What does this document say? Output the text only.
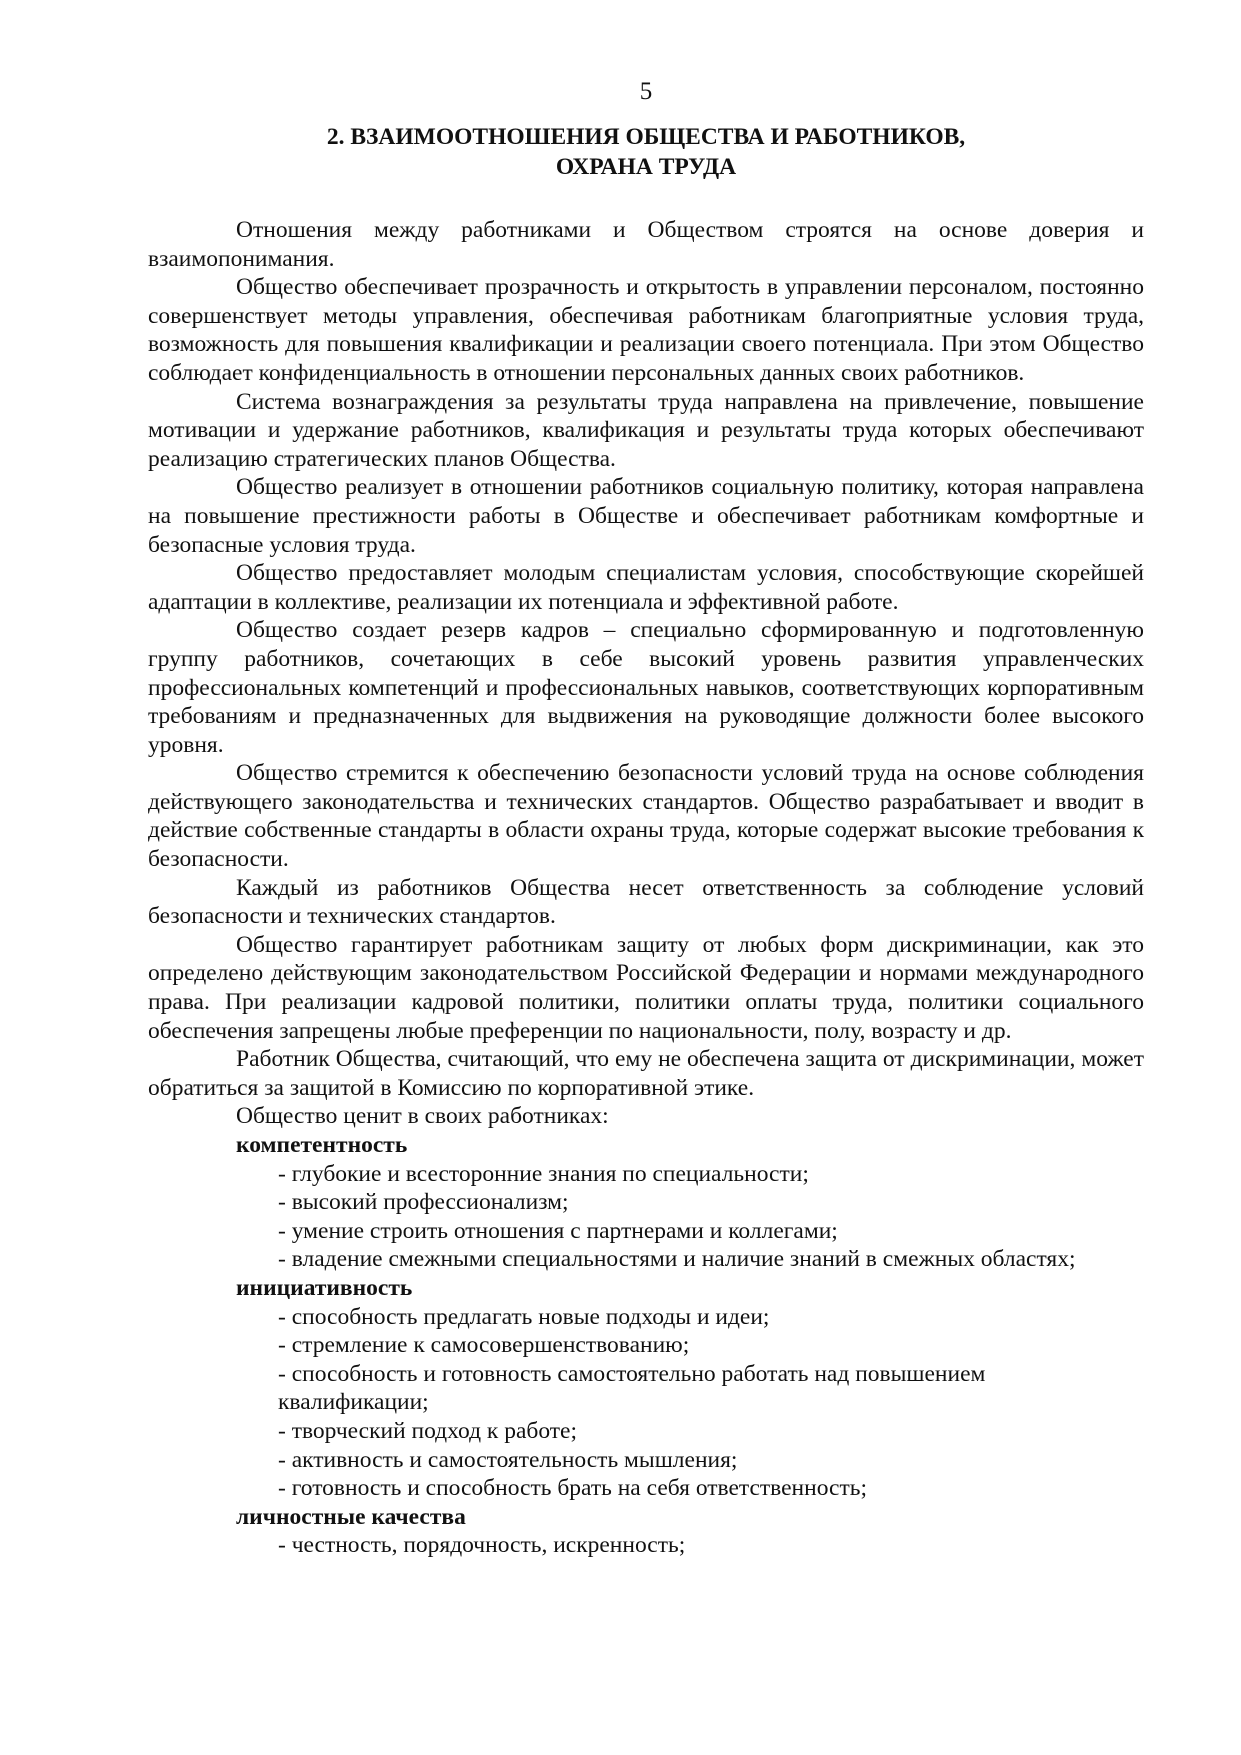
5
2. ВЗАИМООТНОШЕНИЯ ОБЩЕСТВА И РАБОТНИКОВ,
ОХРАНА ТРУДА

Отношения между работниками и Обществом строятся на основе доверия и взаимопонимания.

Общество обеспечивает прозрачность и открытость в управлении персоналом, постоянно совершенствует методы управления, обеспечивая работникам благоприятные условия труда, возможность для повышения квалификации и реализации своего потенциала. При этом Общество соблюдает конфиденциальность в отношении персональных данных своих работников.

Система вознаграждения за результаты труда направлена на привлечение, повышение мотивации и удержание работников, квалификация и результаты труда которых обеспечивают реализацию стратегических планов Общества.

Общество реализует в отношении работников социальную политику, которая направлена на повышение престижности работы в Обществе и обеспечивает работникам комфортные и безопасные условия труда.

Общество предоставляет молодым специалистам условия, способствующие скорейшей адаптации в коллективе, реализации их потенциала и эффективной работе.

Общество создает резерв кадров – специально сформированную и подготовленную группу работников, сочетающих в себе высокий уровень развития управленческих профессиональных компетенций и профессиональных навыков, соответствующих корпоративным требованиям и предназначенных для выдвижения на руководящие должности более высокого уровня.

Общество стремится к обеспечению безопасности условий труда на основе соблюдения действующего законодательства и технических стандартов. Общество разрабатывает и вводит в действие собственные стандарты в области охраны труда, которые содержат высокие требования к безопасности.

Каждый из работников Общества несет ответственность за соблюдение условий безопасности и технических стандартов.

Общество гарантирует работникам защиту от любых форм дискриминации, как это определено действующим законодательством Российской Федерации и нормами международного права. При реализации кадровой политики, политики оплаты труда, политики социального обеспечения запрещены любые преференции по национальности, полу, возрасту и др.

Работник Общества, считающий, что ему не обеспечена защита от дискриминации, может обратиться за защитой в Комиссию по корпоративной этике.

Общество ценит в своих работниках:

компетентность

- глубокие и всесторонние знания по специальности;

- высокий профессионализм;

- умение строить отношения с партнерами и коллегами;

- владение смежными специальностями и наличие знаний в смежных областях;

инициативность

- способность предлагать новые подходы и идеи;

- стремление к самосовершенствованию;

- способность и готовность самостоятельно работать над повышением квалификации;

- творческий подход к работе;

- активность и самостоятельность мышления;

- готовность и способность брать на себя ответственность;

личностные качества

- честность, порядочность, искренность;
